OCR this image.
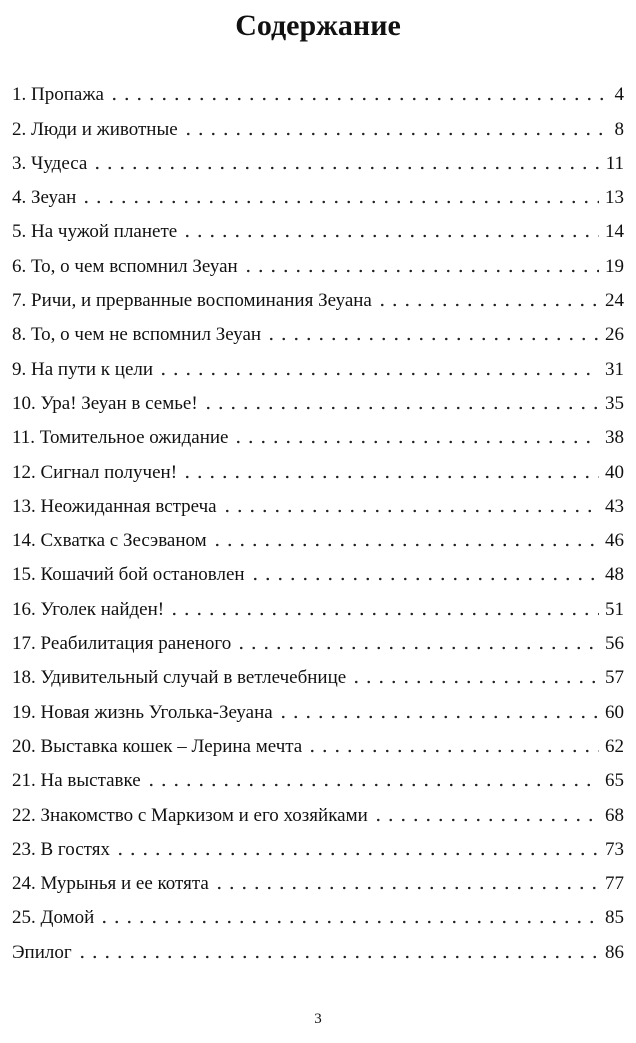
Содержание
1. Пропажа	4
2. Люди и животные	8
3. Чудеса	11
4. Зеуан	13
5. На чужой планете	14
6. То, о чем вспомнил Зеуан	19
7. Ричи, и прерванные воспоминания Зеуана	24
8. То, о чем не вспомнил Зеуан	26
9. На пути к цели	31
10. Ура! Зеуан в семье!	35
11. Томительное ожидание	38
12. Сигнал получен!	40
13. Неожиданная встреча	43
14. Схватка с Зесэваном	46
15. Кошачий бой остановлен	48
16. Уголек найден!	51
17. Реабилитация раненого	56
18. Удивительный случай в ветлечебнице	57
19. Новая жизнь Уголька-Зеуана	60
20. Выставка кошек – Лерина мечта	62
21. На выставке	65
22. Знакомство с Маркизом и его хозяйками	68
23. В гостях	73
24. Мурынья и ее котята	77
25. Домой	85
Эпилог	86
3
